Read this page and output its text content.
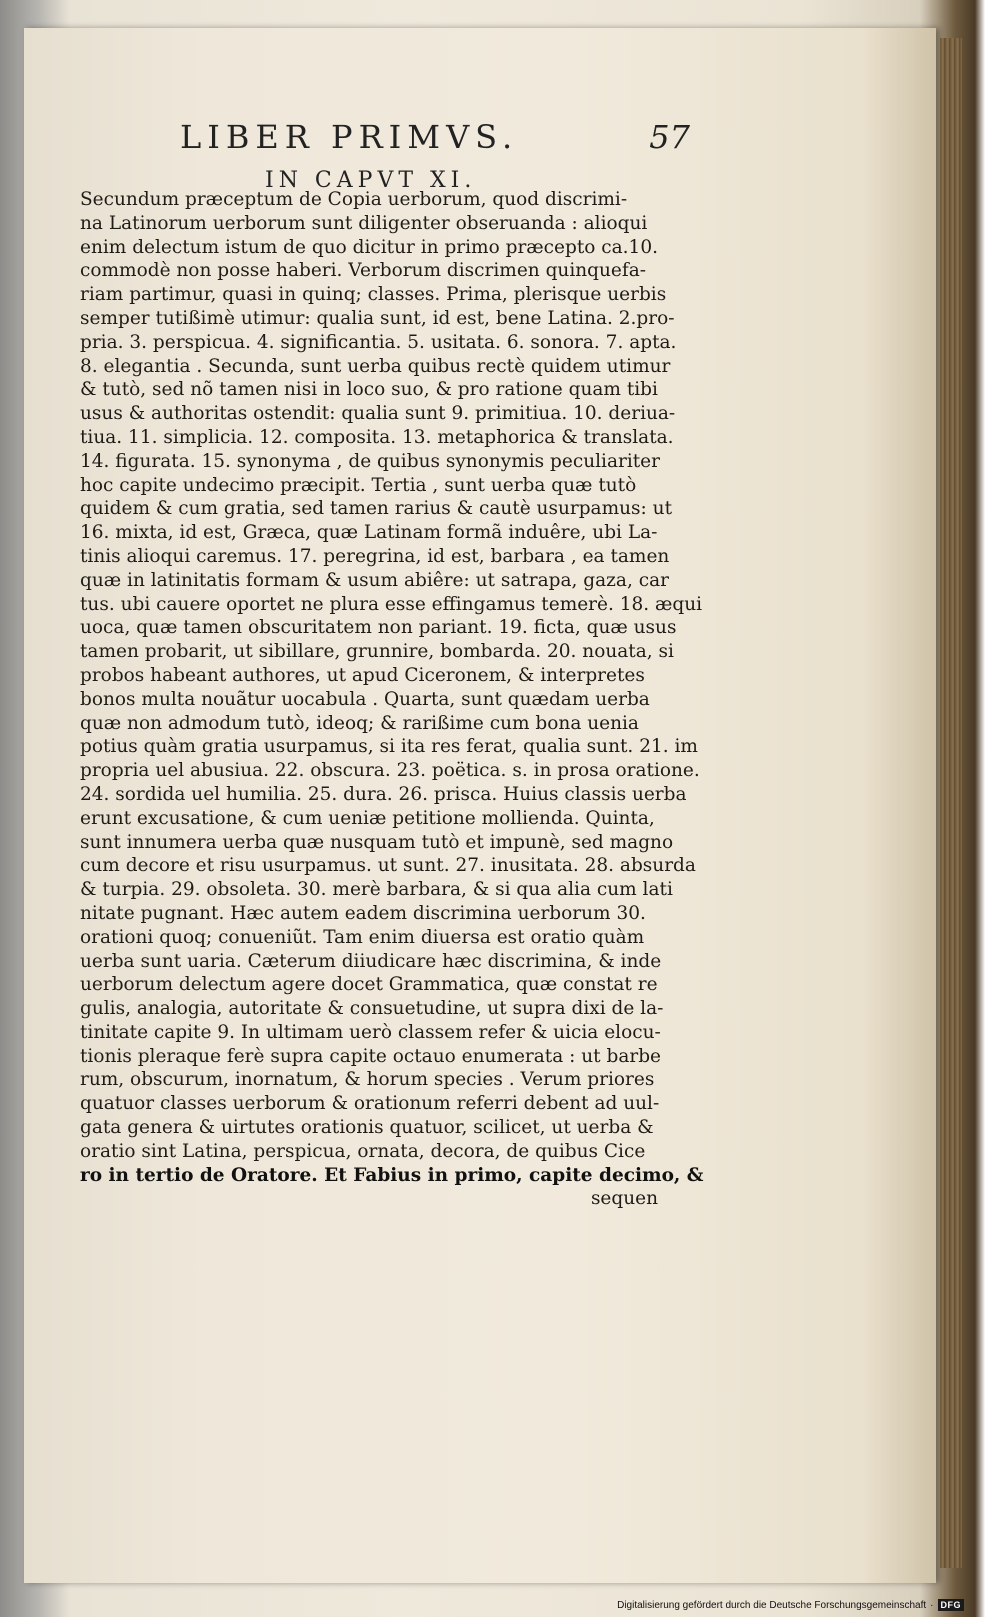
LIBER PRIMVS.	57
IN CAPVT XI.
Secundum præceptum de Copia uerborum, quod discrimi-
na Latinorum uerborum sunt diligenter obseruanda : alioqui
enim delectum istum de quo dicitur in primo præcepto ca.10.
commodè non posse haberi. Verborum discrimen quinquefa-
riam partimur, quasi in quinq; classes. Prima, plerisque uerbis
semper tutißimè utimur: qualia sunt, id est, bene Latina. 2.pro-
pria. 3. perspicua. 4. significantia. 5. usitata. 6. sonora. 7. apta.
8. elegantia . Secunda, sunt uerba quibus rectè quidem utimur
& tutò, sed nõ tamen nisi in loco suo, & pro ratione quam tibi
usus & authoritas ostendit: qualia sunt 9. primitiua. 10. deriua-
tiua. 11. simplicia. 12. composita. 13. metaphorica & translata.
14. figurata. 15. synonyma , de quibus synonymis peculiariter
hoc capite undecimo præcipit. Tertia , sunt uerba quæ tutò
quidem & cum gratia, sed tamen rarius & cautè usurpamus: ut
16. mixta, id est, Græca, quæ Latinam formã induêre, ubi La-
tinis alioqui caremus. 17. peregrina, id est, barbara , ea tamen
quæ in latinitatis formam & usum abiêre: ut satrapa, gaza, car
tus. ubi cauere oportet ne plura esse effingamus temerè. 18. æqui
uoca, quæ tamen obscuritatem non pariant. 19. ficta, quæ usus
tamen probarit, ut sibillare, grunnire, bombarda. 20. nouata, si
probos habeant authores, ut apud Ciceronem, & interpretes
bonos multa nouãtur uocabula . Quarta, sunt quædam uerba
quæ non admodum tutò, ideoq; & rarißime cum bona uenia
potius quàm gratia usurpamus, si ita res ferat, qualia sunt. 21. im
propria uel abusiua. 22. obscura. 23. poëtica. s. in prosa oratione.
24. sordida uel humilia. 25. dura. 26. prisca. Huius classis uerba
erunt excusatione, & cum ueniæ petitione mollienda. Quinta,
sunt innumera uerba quæ nusquam tutò et impunè, sed magno
cum decore et risu usurpamus. ut sunt. 27. inusitata. 28. absurda
& turpia. 29. obsoleta. 30. merè barbara, & si qua alia cum lati
nitate pugnant. Hæc autem eadem discrimina uerborum 30.
orationi quoq; conueniũt. Tam enim diuersa est oratio quàm
uerba sunt uaria. Cæterum diiudicare hæc discrimina, & inde
uerborum delectum agere docet Grammatica, quæ constat re
gulis, analogia, autoritate & consuetudine, ut supra dixi de la-
tinitate capite 9. In ultimam uerò classem refer & uicia elocu-
tionis pleraque ferè supra capite octauo enumerata : ut barbe
rum, obscurum, inornatum, & horum species . Verum priores
quatuor classes uerborum & orationum referri debent ad uul-
gata genera & uirtutes orationis quatuor, scilicet, ut uerba &
oratio sint Latina, perspicua, ornata, decora, de quibus Cice
ro in tertio de Oratore. Et Fabius in primo, capite decimo, &
sequen
Digitalisierung gefördert durch die Deutsche Forschungsgemeinschaft · DFG
